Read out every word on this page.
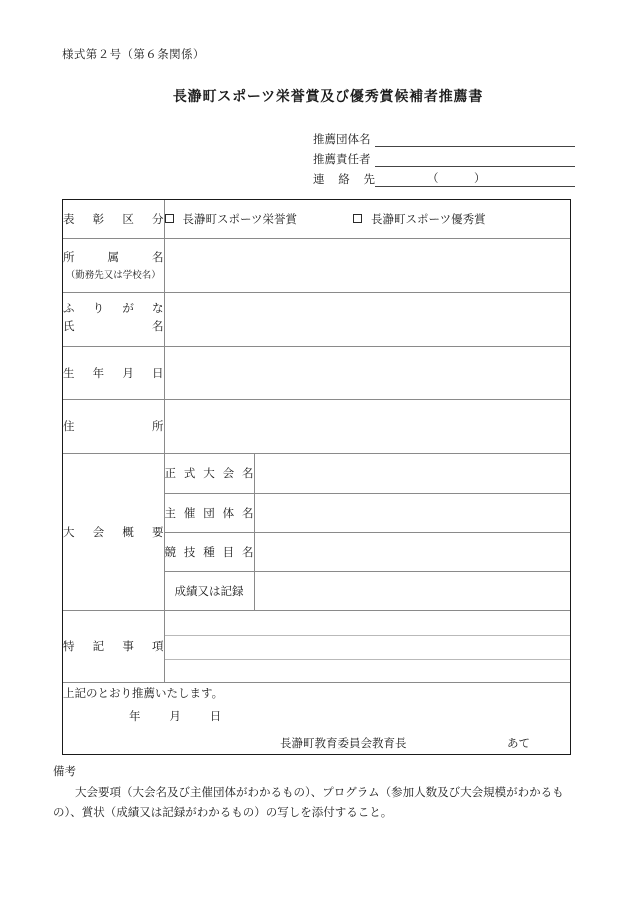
様式第２号（第６条関係）
長瀞町スポーツ栄誉賞及び優秀賞候補者推薦書
推薦団体名
推薦責任者
連 絡 先	（　）
表 彰 区 分	長瀞町スポーツ栄誉賞 長瀞町スポーツ優秀賞	

所 属 名
（勤務先又は学校名）		

ふ り が な
氏	名

生 年 月 日		

住 所		

大 会 概 要	正 式 大 会 名	

	主 催 団 体 名	

	競 技 種 目 名	

	成績又は記録	

特 記 事 項		

上記のとおり推薦いたします。
年 月 日
長瀞町教育委員会教育長 あて		

備考

大会要項（大会名及び主催団体がわかるもの）、プログラム（参加人数及び大会規模がわかるもの）、賞状（成績又は記録がわかるもの）の写しを添付すること。
